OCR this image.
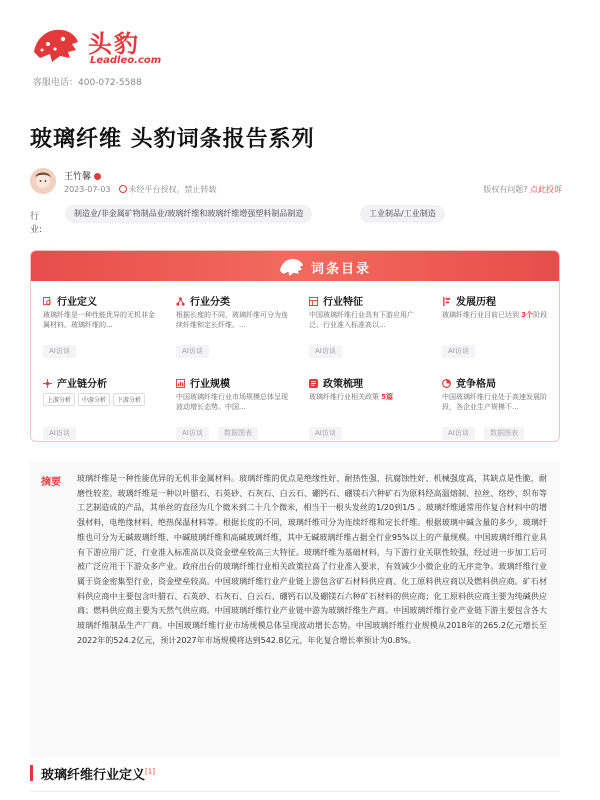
头豹
Leadleo.com
客服电话：400-072-5588
玻璃纤维 头豹词条报告系列
王竹馨
2023-07-03 未经平台授权，禁止转载	版权有问题? 点此投诉
行业:
制造业/非金属矿物制品业/玻璃纤维和玻璃纤维增强塑料制品制造	工业制品/工业制造
词条目录
行业定义
玻璃纤维是一种性能优异的无机非金属材料。玻璃纤维的...
AI访谈
行业分类
根据长度的不同，玻璃纤维可分为连续纤维和定长纤维。...
AI访谈
行业特征
中国玻璃纤维行业具有下游应用广泛、行业准入标准高以...
AI访谈
发展历程
玻璃纤维行业目前已达到 3个阶段
AI访谈
产业链分析
上游分析 中游分析 下游分析
AI访谈
行业规模
中国玻璃纤维行业市场规模总体呈现波动增长态势。中国...
AI访谈	数据图表
政策梳理
玻璃纤维行业相关政策 5篇
AI访谈
竞争格局
中国玻璃纤维行业处于高速发展阶段，各企业生产规模不...
AI访谈	数据图表
摘要 玻璃纤维是一种性能优异的无机非金属材料。玻璃纤维的优点是绝缘性好、耐热性强、抗腐蚀性好、机械强度高，其缺点是性脆，耐磨性较差。玻璃纤维是一种以叶腊石、石英砂、石灰石、白云石、硼钙石、硼镁石六种矿石为原料经高温熔制、拉丝、络纱、织布等工艺制造成的产品，其单丝的直径为几个微米到二十几个微米，相当于一根头发丝的1/20到1/5 。玻璃纤维通常用作复合材料中的增强材料，电绝缘材料、绝热保温材料等。根据长度的不同，玻璃纤维可分为连续纤维和定长纤维。根据玻璃中碱含量的多少，玻璃纤维也可分为无碱玻璃纤维、中碱玻璃纤维和高碱玻璃纤维，其中无碱玻璃纤维占据全行业95%以上的产量规模。中国玻璃纤维行业具有下游应用广泛、行业准入标准高以及资金壁垒较高三大特征。玻璃纤维为基础材料，与下游行业关联性较强，经过进一步加工后可被广泛应用于下游众多产业。政府出台的玻璃纤维行业相关政策拉高了行业准入要求，有效减少小微企业的无序竞争。玻璃纤维行业属于资金密集型行业，资金壁垒较高。中国玻璃纤维行业产业链上游包含矿石材料供应商、化工原料供应商以及燃料供应商。矿石材料供应商中主要包含叶腊石、石英砂、石灰石、白云石、硼钙石以及硼镁石六种矿石材料的供应商；化工原料供应商主要为纯碱供应商；燃料供应商主要为天然气供应商。中国玻璃纤维行业产业链中游为玻璃纤维生产商。中国玻璃纤维行业产业链下游主要包含各大玻璃纤维制品生产厂商。中国玻璃纤维行业市场规模总体呈现波动增长态势。中国玻璃纤维行业规模从2018年的265.2亿元增长至2022年的524.2亿元，预计2027年市场规模将达到542.8亿元，年化复合增长率预计为0.8%。
玻璃纤维行业定义[1]
